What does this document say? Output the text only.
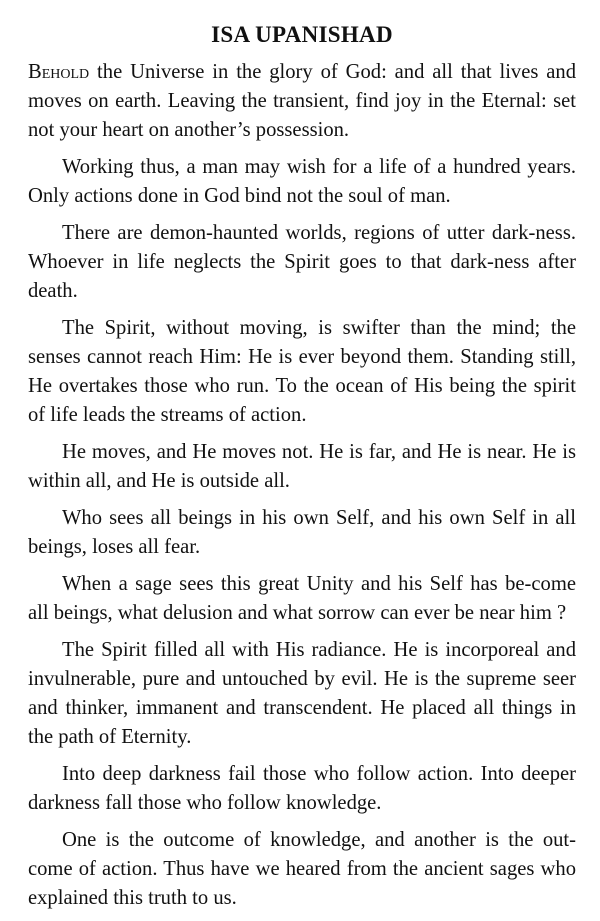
ISA UPANISHAD

Behold the Universe in the glory of God: and all that lives and moves on earth. Leaving the transient, find joy in the Eternal: set not your heart on another’s possession.

Working thus, a man may wish for a life of a hundred years. Only actions done in God bind not the soul of man.

There are demon-haunted worlds, regions of utter dark-ness. Whoever in life neglects the Spirit goes to that dark-ness after death.

The Spirit, without moving, is swifter than the mind; the senses cannot reach Him: He is ever beyond them. Standing still, He overtakes those who run. To the ocean of His being the spirit of life leads the streams of action.

He moves, and He moves not. He is far, and He is near. He is within all, and He is outside all.

Who sees all beings in his own Self, and his own Self in all beings, loses all fear.

When a sage sees this great Unity and his Self has be-come all beings, what delusion and what sorrow can ever be near him ?

The Spirit filled all with His radiance. He is incorporeal and invulnerable, pure and untouched by evil. He is the supreme seer and thinker, immanent and transcendent. He placed all things in the path of Eternity.

Into deep darkness fail those who follow action. Into deeper darkness fall those who follow knowledge.

One is the outcome of knowledge, and another is the out-come of action. Thus have we heared from the ancient sages who explained this truth to us.
